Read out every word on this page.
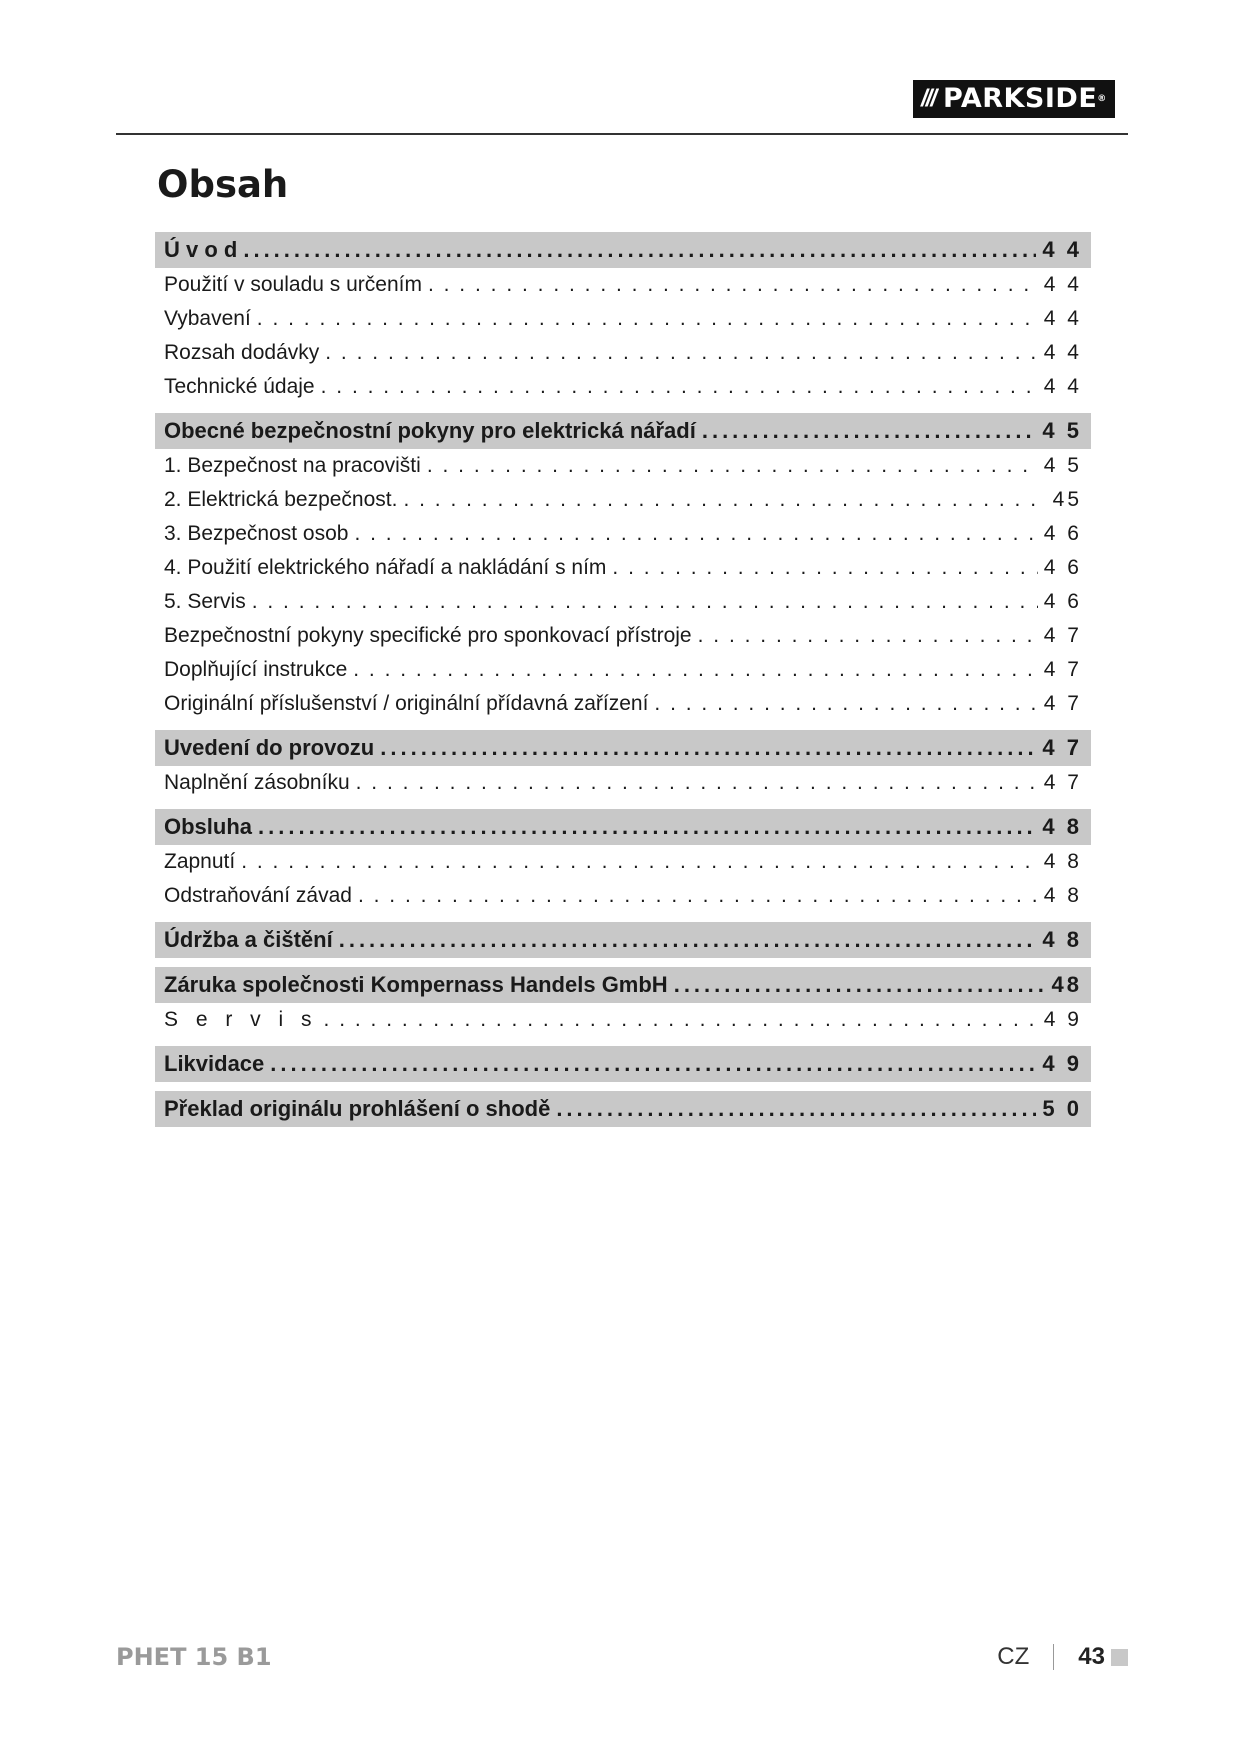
/// PARKSIDE®
Obsah
Ú v o d .....	4 4
Použití v souladu s určením . . .	4 4
Vybavení . . .	4 4
Rozsah dodávky . . .	4 4
Technické údaje . . .	4 4
Obecné bezpečnostní pokyny pro elektrická nářadí .....	4 5
1. Bezpečnost na pracovišti . . .	4 5
2. Elektrická bezpečnost. . . .	45
3. Bezpečnost osob . . .	4 6
4. Použití elektrického nářadí a nakládání s ním . . .	4 6
5. Servis . . .	4 6
Bezpečnostní pokyny specifické pro sponkovací přístroje . . .	4 7
Doplňující instrukce . . .	4 7
Originální příslušenství / originální přídavná zařízení . . .	4 7
Uvedení do provozu .....	4 7
Naplnění zásobníku . . .	4 7
Obsluha .....	4 8
Zapnutí . . .	4 8
Odstraňování závad . . .	4 8
Údržba a čištění .....	4 8
Záruka společnosti Kompernass Handels GmbH .....	48
S e r v i s . . .	4 9
Likvidace .....	4 9
Překlad originálu prohlášení o shodě .....	5 0
PHET 15 B1	CZ 43
